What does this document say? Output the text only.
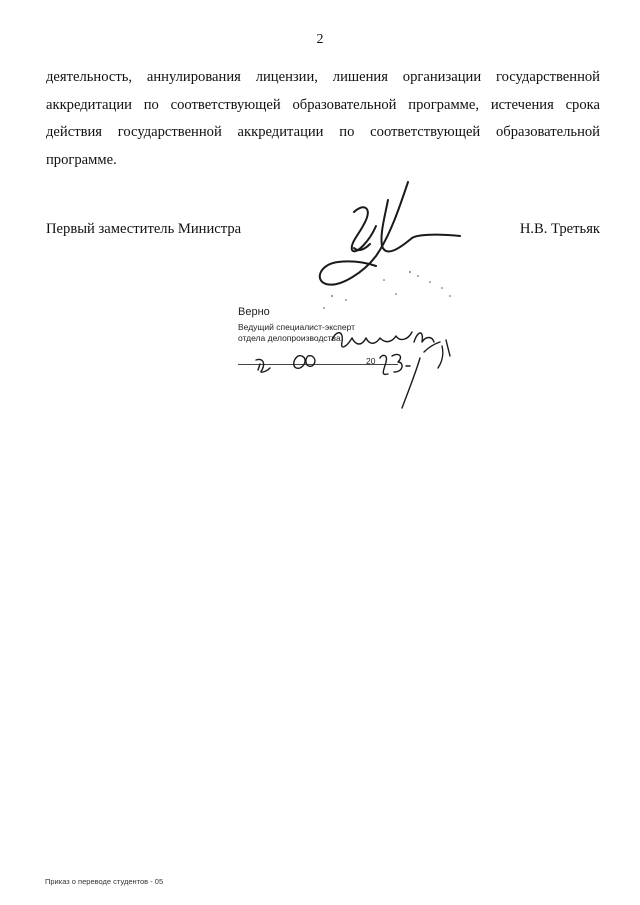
2
деятельность, аннулирования лицензии, лишения организации государственной
аккредитации по соответствующей образовательной программе, истечения срока
действия государственной аккредитации по соответствующей образовательной
программе.
Первый заместитель Министра	Н.В. Третьяк
Верно
Ведущий специалист-эксперт
отдела делопроизводства
20
Приказ о переводе студентов - 05
